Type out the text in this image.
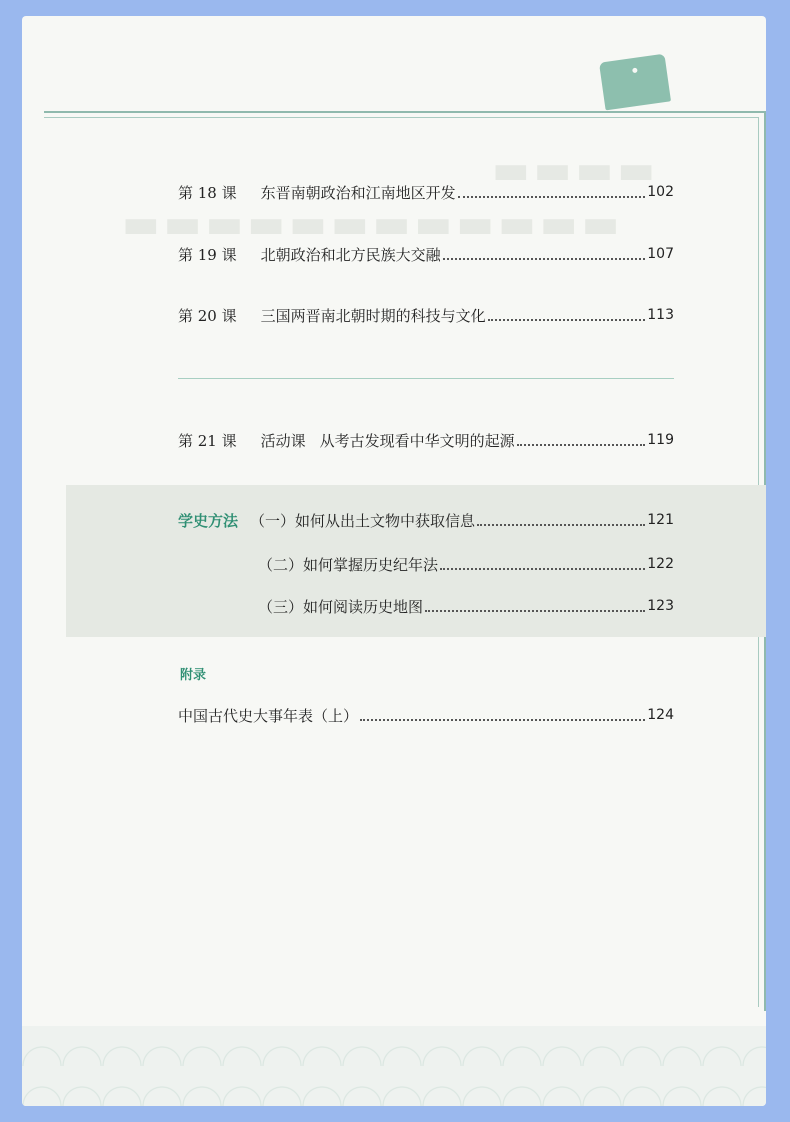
▬▬▬▬
▬▬▬▬▬▬▬▬▬▬▬▬
第 18 课 东晋南朝政治和江南地区开发	102
第 19 课 北朝政治和北方民族大交融	107
第 20 课 三国两晋南北朝时期的科技与文化	113
第 21 课 活动课 从考古发现看中华文明的起源	119
学史方法 （一）如何从出土文物中获取信息	121
（二）如何掌握历史纪年法	122
（三）如何阅读历史地图	123
附录
中国古代史大事年表（上）	124
